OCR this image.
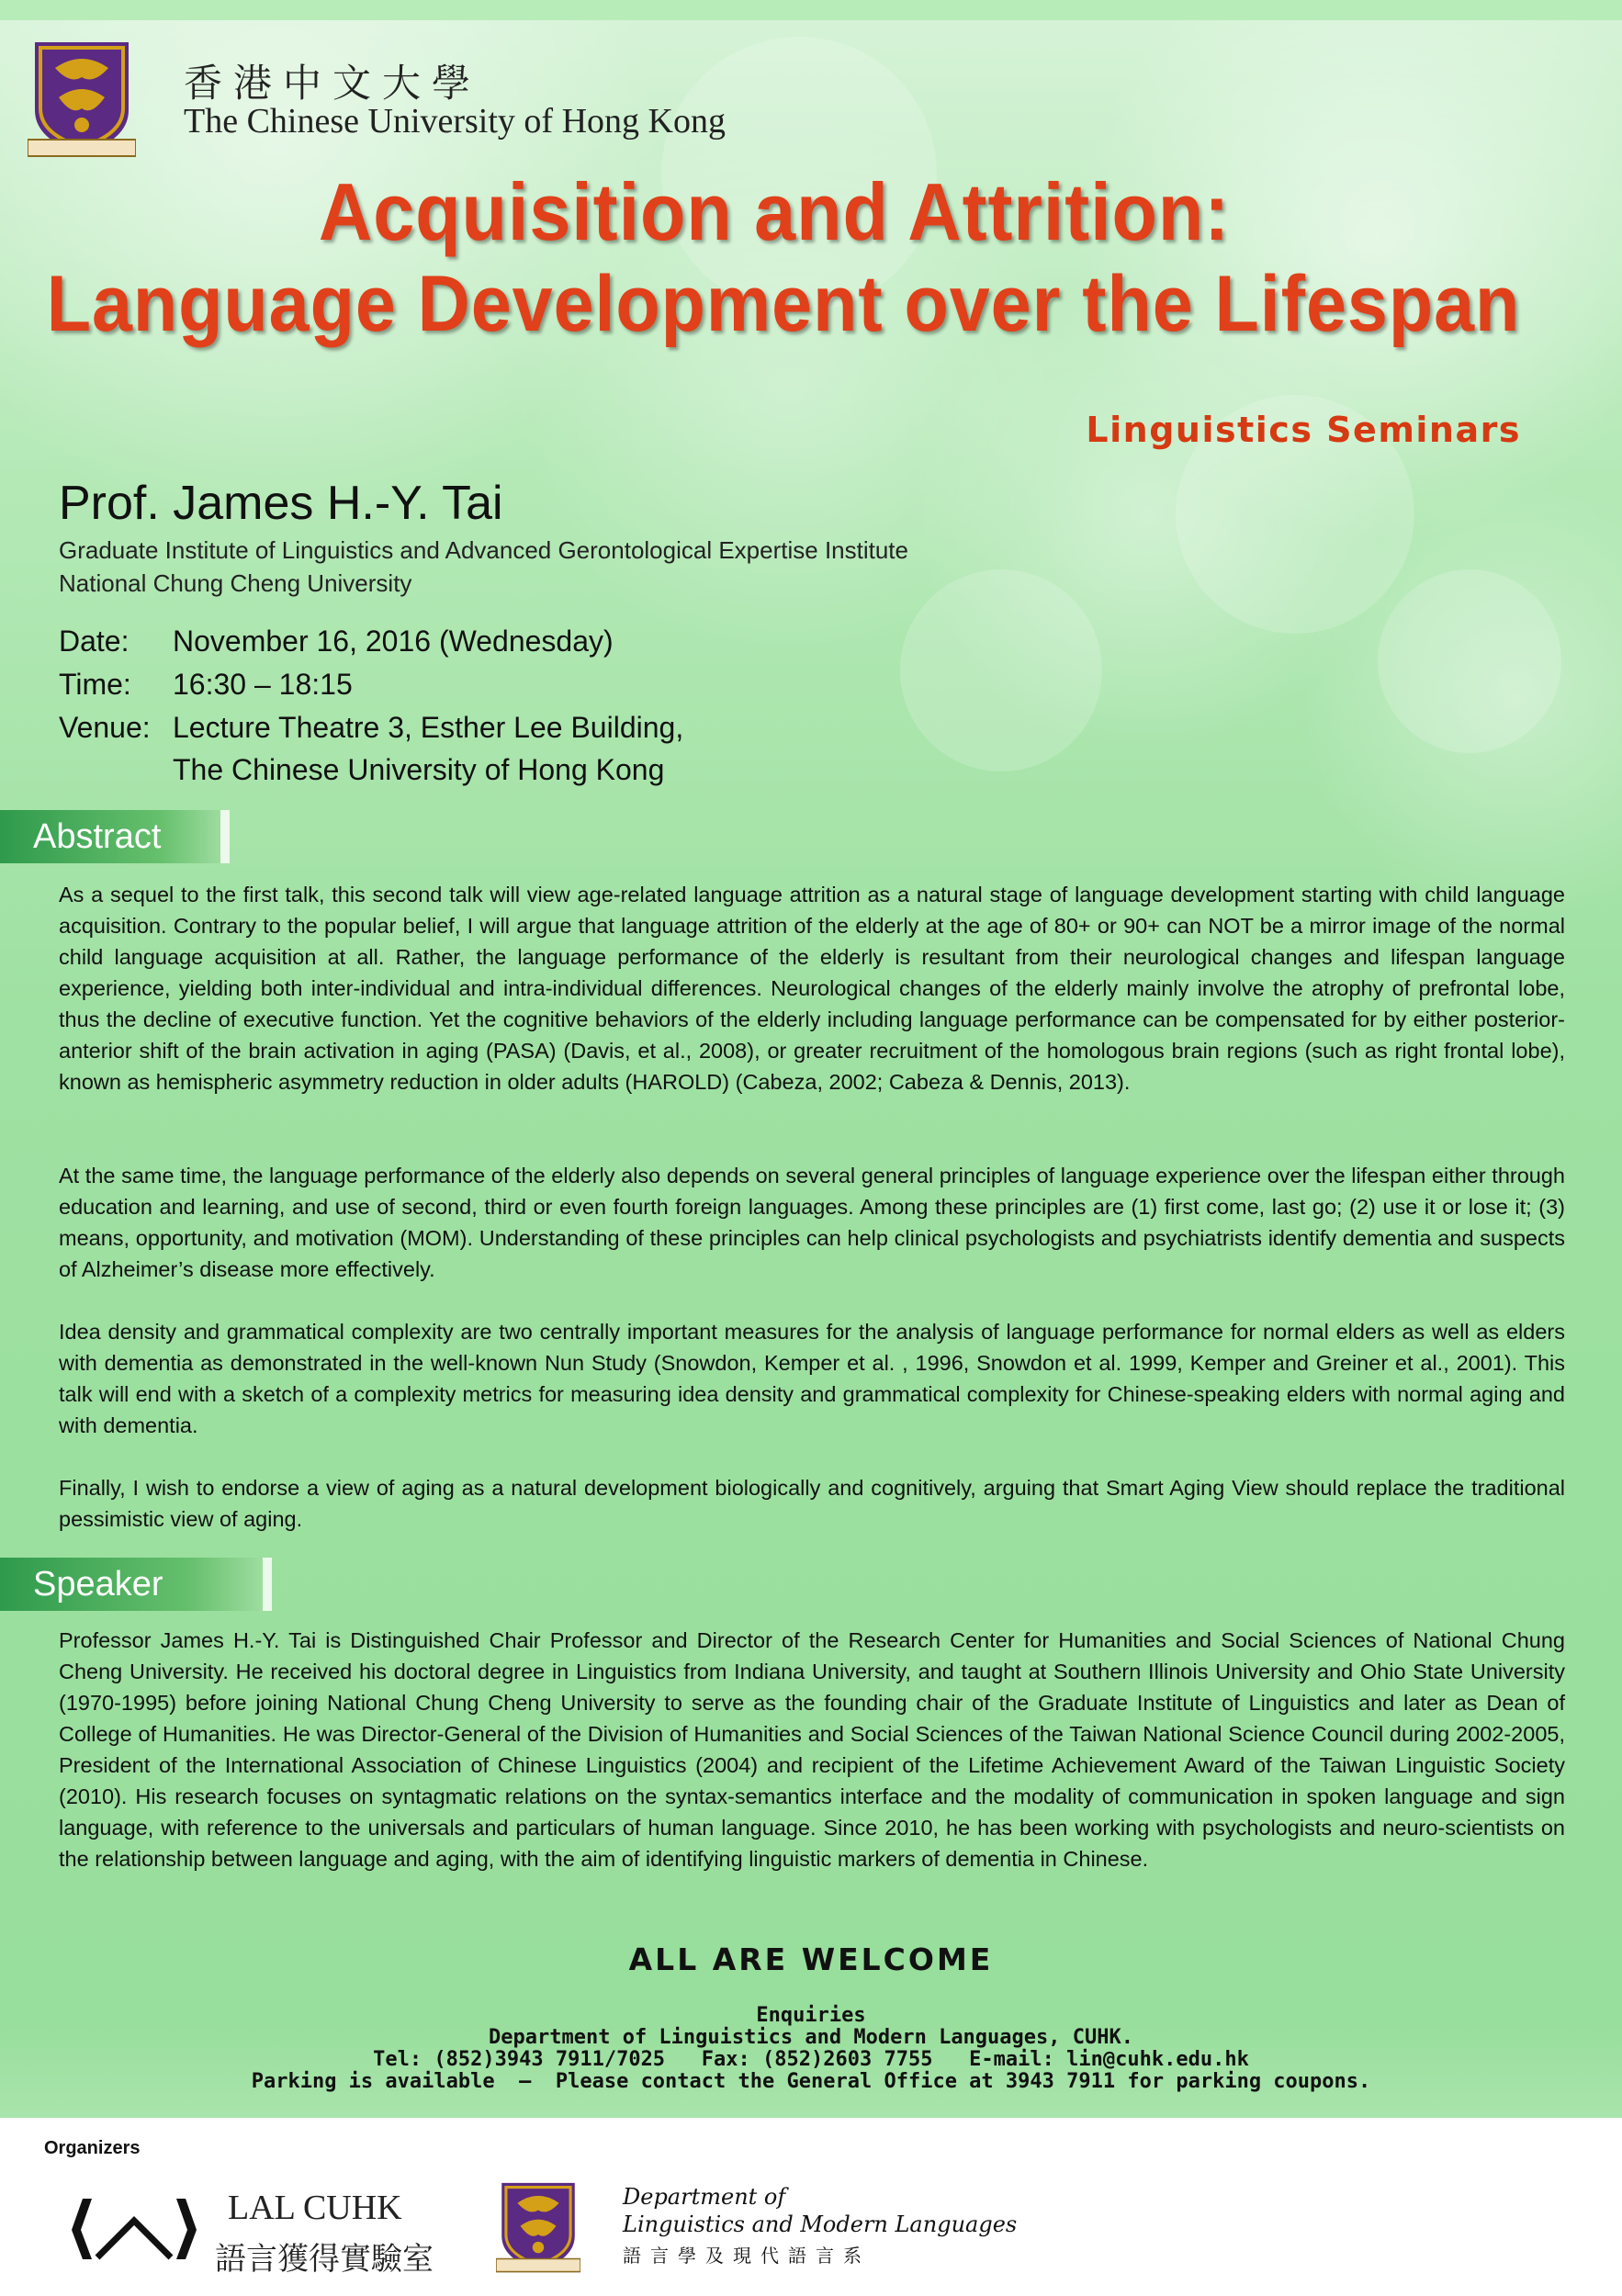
香港中文大學
The Chinese University of Hong Kong
Acquisition and Attrition:
Language Development over the Lifespan
Linguistics Seminars
Prof. James H.-Y. Tai
Graduate Institute of Linguistics and Advanced Gerontological Expertise Institute
National Chung Cheng University
Date: November 16, 2016 (Wednesday)
Time: 16:30 – 18:15
Venue: Lecture Theatre 3, Esther Lee Building,
The Chinese University of Hong Kong
Abstract

As a sequel to the first talk, this second talk will view age-related language attrition as a natural stage of language development starting with child language acquisition. Contrary to the popular belief, I will argue that language attrition of the elderly at the age of 80+ or 90+ can NOT be a mirror image of the normal child language acquisition at all. Rather, the language performance of the elderly is resultant from their neurological changes and lifespan language experience, yielding both inter-individual and intra-individual differences. Neurological changes of the elderly mainly involve the atrophy of prefrontal lobe, thus the decline of executive function. Yet the cognitive behaviors of the elderly including language performance can be compensated for by either posterior-anterior shift of the brain activation in aging (PASA) (Davis, et al., 2008), or greater recruitment of the homologous brain regions (such as right frontal lobe), known as hemispheric asymmetry reduction in older adults (HAROLD) (Cabeza, 2002; Cabeza & Dennis, 2013).

At the same time, the language performance of the elderly also depends on several general principles of language experience over the lifespan either through education and learning, and use of second, third or even fourth foreign languages. Among these principles are (1) first come, last go; (2) use it or lose it; (3) means, opportunity, and motivation (MOM). Understanding of these principles can help clinical psychologists and psychiatrists identify dementia and suspects of Alzheimer’s disease more effectively.

Idea density and grammatical complexity are two centrally important measures for the analysis of language performance for normal elders as well as elders with dementia as demonstrated in the well-known Nun Study (Snowdon, Kemper et al. , 1996, Snowdon et al. 1999, Kemper and Greiner et al., 2001). This talk will end with a sketch of a complexity metrics for measuring idea density and grammatical complexity for Chinese-speaking elders with normal aging and with dementia.

Finally, I wish to endorse a view of aging as a natural development biologically and cognitively, arguing that Smart Aging View should replace the traditional pessimistic view of aging.

Speaker

Professor James H.-Y. Tai is Distinguished Chair Professor and Director of the Research Center for Humanities and Social Sciences of National Chung Cheng University. He received his doctoral degree in Linguistics from Indiana University, and taught at Southern Illinois University and Ohio State University (1970-1995) before joining National Chung Cheng University to serve as the founding chair of the Graduate Institute of Linguistics and later as Dean of College of Humanities. He was Director-General of the Division of Humanities and Social Sciences of the Taiwan National Science Council during 2002-2005, President of the International Association of Chinese Linguistics (2004) and recipient of the Lifetime Achievement Award of the Taiwan Linguistic Society (2010). His research focuses on syntagmatic relations on the syntax-semantics interface and the modality of communication in spoken language and sign language, with reference to the universals and particulars of human language. Since 2010, he has been working with psychologists and neuro-scientists on the relationship between language and aging, with the aim of identifying linguistic markers of dementia in Chinese.

ALL ARE WELCOME
Enquiries
Department of Linguistics and Modern Languages, CUHK.
Tel: (852)3943 7911/7025   Fax: (852)2603 7755   E-mail: lin@cuhk.edu.hk
Parking is available  –  Please contact the General Office at 3943 7911 for parking coupons.
Organizers
LAL CUHK
語言獲得實驗室
Department of
Linguistics and Modern Languages
語言學及現代語言系
